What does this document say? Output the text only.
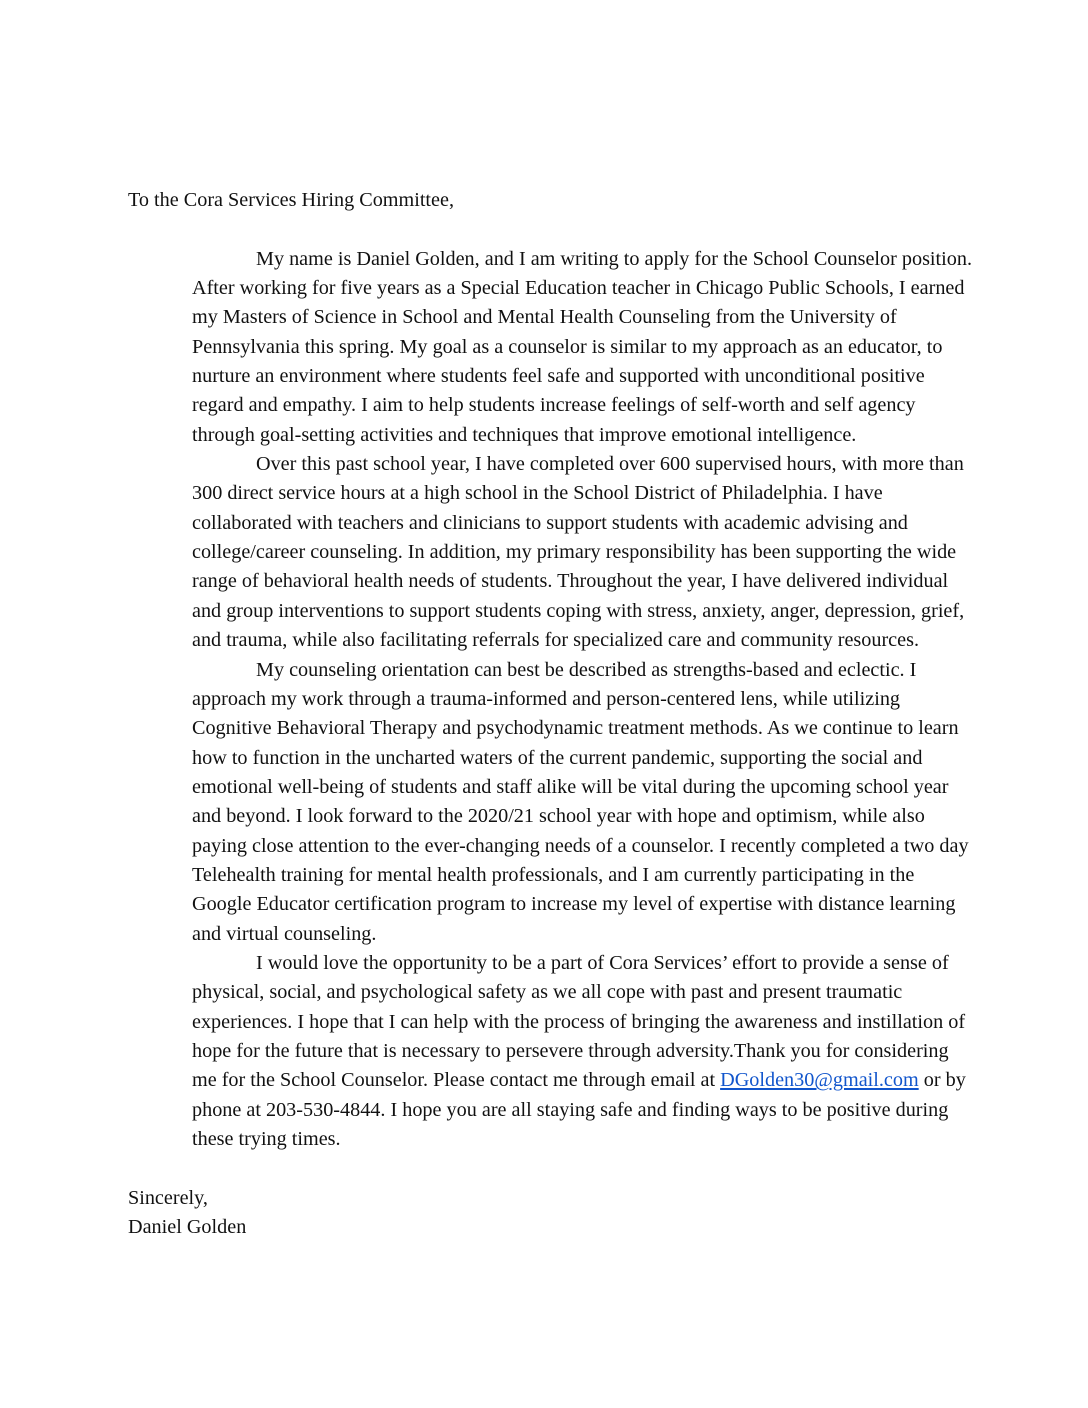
To the Cora Services Hiring Committee,
My name is Daniel Golden, and I am writing to apply for the School Counselor position.
After working for five years as a Special Education teacher in Chicago Public Schools, I earned
my Masters of Science in School and Mental Health Counseling from the University of
Pennsylvania this spring. My goal as a counselor is similar to my approach as an educator, to
nurture an environment where students feel safe and supported with unconditional positive
regard and empathy. I aim to help students increase feelings of self-worth and self agency
through goal-setting activities and techniques that improve emotional intelligence.
Over this past school year, I have completed over 600 supervised hours, with more than
300 direct service hours at a high school in the School District of Philadelphia. I have
collaborated with teachers and clinicians to support students with academic advising and
college/career counseling. In addition, my primary responsibility has been supporting the wide
range of behavioral health needs of students. Throughout the year, I have delivered individual
and group interventions to support students coping with stress, anxiety, anger, depression, grief,
and trauma, while also facilitating referrals for specialized care and community resources.
My counseling orientation can best be described as strengths-based and eclectic. I
approach my work through a trauma-informed and person-centered lens, while utilizing
Cognitive Behavioral Therapy and psychodynamic treatment methods. As we continue to learn
how to function in the uncharted waters of the current pandemic, supporting the social and
emotional well-being of students and staff alike will be vital during the upcoming school year
and beyond. I look forward to the 2020/21 school year with hope and optimism, while also
paying close attention to the ever-changing needs of a counselor. I recently completed a two day
Telehealth training for mental health professionals, and I am currently participating in the
Google Educator certification program to increase my level of expertise with distance learning
and virtual counseling.
I would love the opportunity to be a part of Cora Services’ effort to provide a sense of
physical, social, and psychological safety as we all cope with past and present traumatic
experiences. I hope that I can help with the process of bringing the awareness and instillation of
hope for the future that is necessary to persevere through adversity.Thank you for considering
me for the School Counselor. Please contact me through email at DGolden30@gmail.com or by
phone at 203-530-4844. I hope you are all staying safe and finding ways to be positive during
these trying times.
Sincerely,
Daniel Golden
